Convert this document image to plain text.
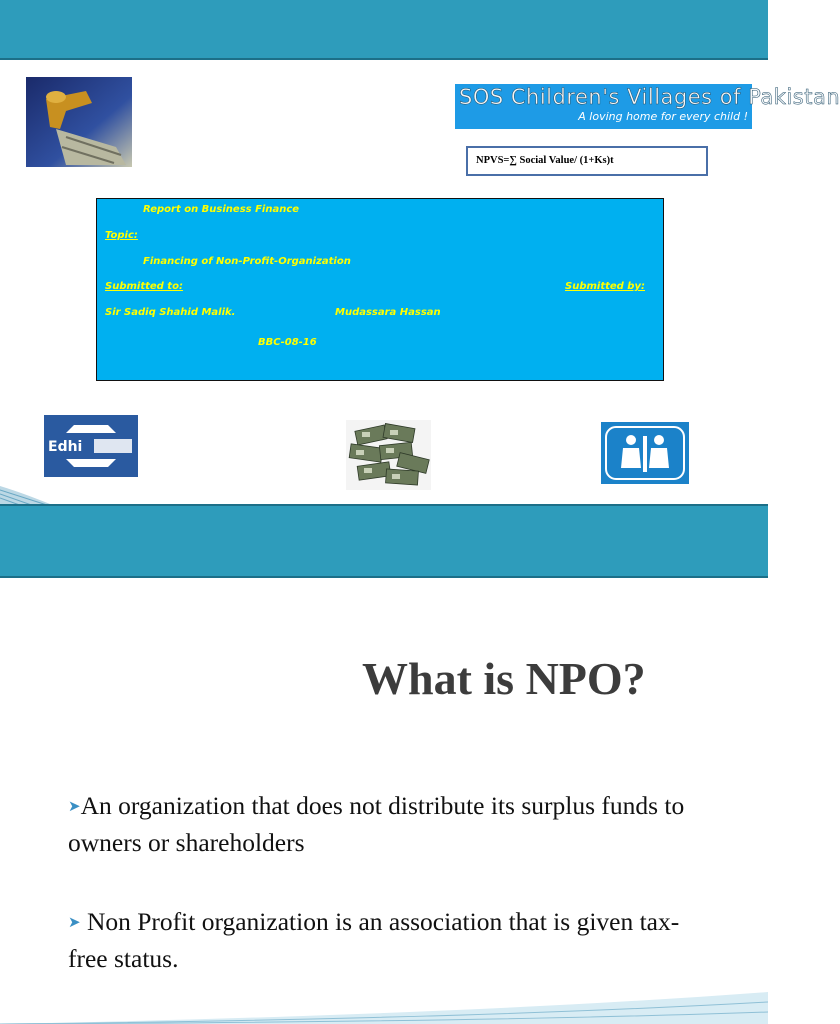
SOS Children's Villages of Pakistan
A loving home for every child !
NPVS=∑ Social Value/ (1+Ks)t
Report on Business Finance
Topic:
Financing of Non-Profit-Organization
Submitted to:	Submitted by:
Sir Sadiq Shahid Malik.	Mudassara Hassan
BBC-08-16
Edhi
What is NPO?
➤An organization that does not distribute its surplus funds to owners or shareholders
➤ Non Profit organization is an association that is given tax-free status.
